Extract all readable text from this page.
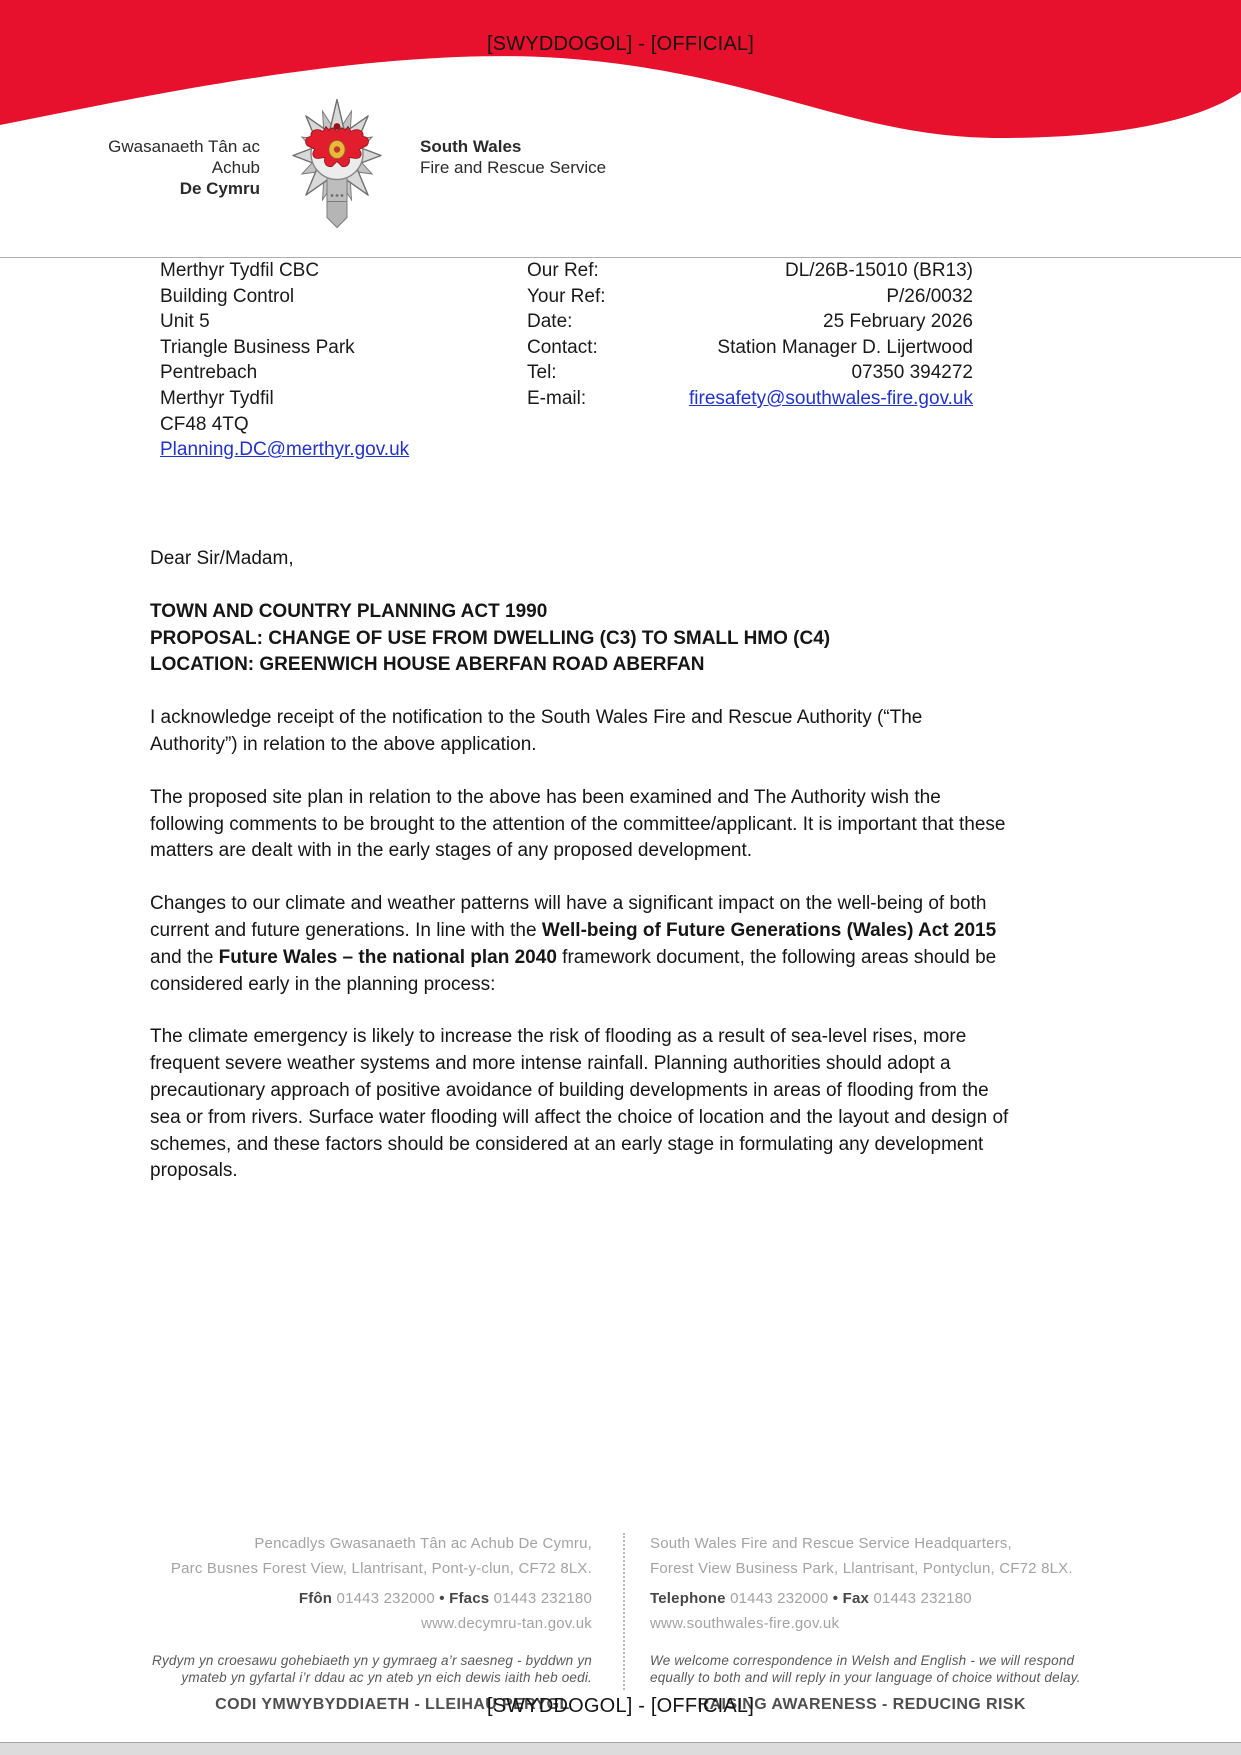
[SWYDDOGOL] - [OFFICIAL]
Gwasanaeth Tân ac Achub
De Cymru
South Wales
Fire and Rescue Service
Merthyr Tydfil CBC
Building Control
Unit 5
Triangle Business Park
Pentrebach
Merthyr Tydfil
CF48 4TQ
Planning.DC@merthyr.gov.uk
Our Ref:
Your Ref:
Date:
Contact:
Tel:
E-mail:
DL/26B-15010 (BR13)
P/26/0032
25 February 2026
Station Manager D. Lijertwood
07350 394272
firesafety@southwales-fire.gov.uk
Dear Sir/Madam,
TOWN AND COUNTRY PLANNING ACT 1990
PROPOSAL: CHANGE OF USE FROM DWELLING (C3) TO SMALL HMO (C4)
LOCATION: GREENWICH HOUSE ABERFAN ROAD ABERFAN
I acknowledge receipt of the notification to the South Wales Fire and Rescue Authority (“The Authority”) in relation to the above application.
The proposed site plan in relation to the above has been examined and The Authority wish the following comments to be brought to the attention of the committee/applicant. It is important that these matters are dealt with in the early stages of any proposed development.
Changes to our climate and weather patterns will have a significant impact on the well-being of both current and future generations. In line with the Well-being of Future Generations (Wales) Act 2015 and the Future Wales – the national plan 2040 framework document, the following areas should be considered early in the planning process:
The climate emergency is likely to increase the risk of flooding as a result of sea-level rises, more frequent severe weather systems and more intense rainfall. Planning authorities should adopt a precautionary approach of positive avoidance of building developments in areas of flooding from the sea or from rivers. Surface water flooding will affect the choice of location and the layout and design of schemes, and these factors should be considered at an early stage in formulating any development proposals.
Pencadlys Gwasanaeth Tân ac Achub De Cymru,
Parc Busnes Forest View, Llantrisant, Pont-y-clun, CF72 8LX.
Ffôn 01443 232000 • Ffacs 01443 232180
www.decymru-tan.gov.uk
Rydym yn croesawu gohebiaeth yn y gymraeg a’r saesneg - byddwn yn ymateb yn gyfartal i’r ddau ac yn ateb yn eich dewis iaith heb oedi.
South Wales Fire and Rescue Service Headquarters,
Forest View Business Park, Llantrisant, Pontyclun, CF72 8LX.
Telephone 01443 232000 • Fax 01443 232180
www.southwales-fire.gov.uk
We welcome correspondence in Welsh and English - we will respond equally to both and will reply in your language of choice without delay.
CODI YMWYBYDDIAETH - LLEIHAU PERYGL	RAISING AWARENESS - REDUCING RISK
[SWYDDOGOL] - [OFFICIAL]
